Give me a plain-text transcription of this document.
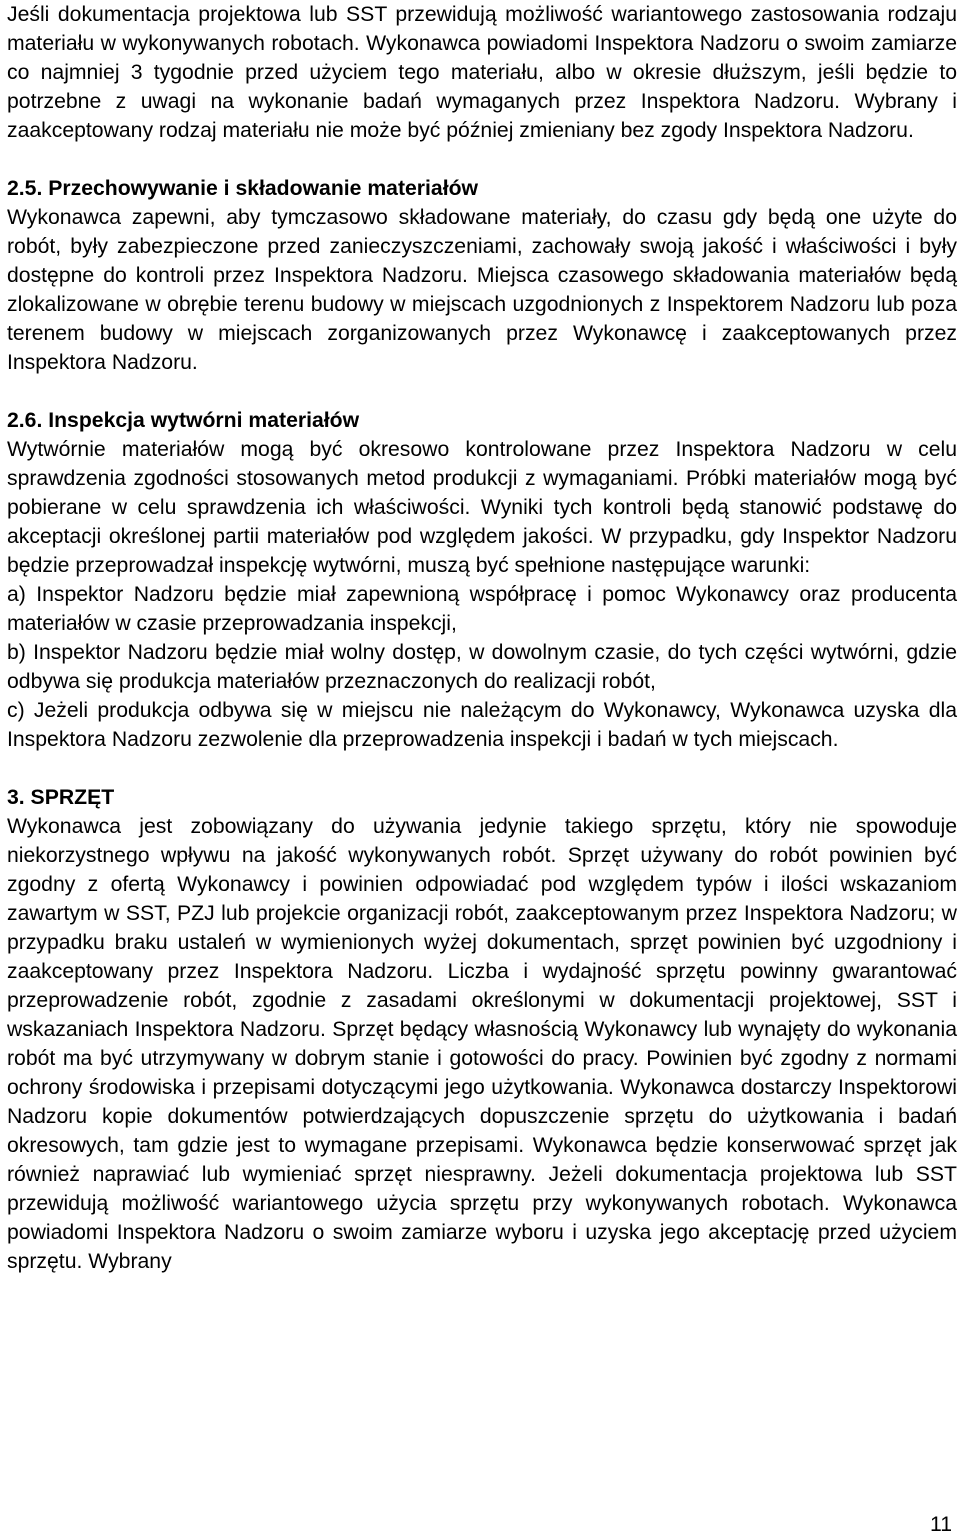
Jeśli dokumentacja projektowa lub SST przewidują możliwość wariantowego zastosowania rodzaju materiału w wykonywanych robotach. Wykonawca powiadomi Inspektora Nadzoru o swoim zamiarze co najmniej 3 tygodnie przed użyciem tego materiału, albo w okresie dłuższym, jeśli będzie to potrzebne z uwagi na wykonanie badań wymaganych przez Inspektora Nadzoru. Wybrany i zaakceptowany rodzaj materiału nie może być później zmieniany bez zgody Inspektora Nadzoru.

2.5. Przechowywanie i składowanie materiałów

Wykonawca zapewni, aby tymczasowo składowane materiały, do czasu gdy będą one użyte do robót, były zabezpieczone przed zanieczyszczeniami, zachowały swoją jakość i właściwości i były dostępne do kontroli przez Inspektora Nadzoru. Miejsca czasowego składowania materiałów będą zlokalizowane w obrębie terenu budowy w miejscach uzgodnionych z Inspektorem Nadzoru lub poza terenem budowy w miejscach zorganizowanych przez Wykonawcę i zaakceptowanych przez Inspektora Nadzoru.

2.6. Inspekcja wytwórni materiałów

Wytwórnie materiałów mogą być okresowo kontrolowane przez Inspektora Nadzoru w celu sprawdzenia zgodności stosowanych metod produkcji z wymaganiami. Próbki materiałów mogą być pobierane w celu sprawdzenia ich właściwości. Wyniki tych kontroli będą stanowić podstawę do akceptacji określonej partii materiałów pod względem jakości. W przypadku, gdy Inspektor Nadzoru będzie przeprowadzał inspekcję wytwórni, muszą być spełnione następujące warunki:

a) Inspektor Nadzoru będzie miał zapewnioną współpracę i pomoc Wykonawcy oraz producenta materiałów w czasie przeprowadzania inspekcji,

b) Inspektor Nadzoru będzie miał wolny dostęp, w dowolnym czasie, do tych części wytwórni, gdzie odbywa się produkcja materiałów przeznaczonych do realizacji robót,

c) Jeżeli produkcja odbywa się w miejscu nie należącym do Wykonawcy, Wykonawca uzyska dla Inspektora Nadzoru zezwolenie dla przeprowadzenia inspekcji i badań w tych miejscach.

3. SPRZĘT

Wykonawca jest zobowiązany do używania jedynie takiego sprzętu, który nie spowoduje niekorzystnego wpływu na jakość wykonywanych robót. Sprzęt używany do robót powinien być zgodny z ofertą Wykonawcy i powinien odpowiadać pod względem typów i ilości wskazaniom zawartym w SST, PZJ lub projekcie organizacji robót, zaakceptowanym przez Inspektora Nadzoru; w przypadku braku ustaleń w wymienionych wyżej dokumentach, sprzęt powinien być uzgodniony i zaakceptowany przez Inspektora Nadzoru. Liczba i wydajność sprzętu powinny gwarantować przeprowadzenie robót, zgodnie z zasadami określonymi w dokumentacji projektowej, SST i wskazaniach Inspektora Nadzoru. Sprzęt będący własnością Wykonawcy lub wynajęty do wykonania robót ma być utrzymywany w dobrym stanie i gotowości do pracy. Powinien być zgodny z normami ochrony środowiska i przepisami dotyczącymi jego użytkowania. Wykonawca dostarczy Inspektorowi Nadzoru kopie dokumentów potwierdzających dopuszczenie sprzętu do użytkowania i badań okresowych, tam gdzie jest to wymagane przepisami. Wykonawca będzie konserwować sprzęt jak również naprawiać lub wymieniać sprzęt niesprawny. Jeżeli dokumentacja projektowa lub SST przewidują możliwość wariantowego użycia sprzętu przy wykonywanych robotach. Wykonawca powiadomi Inspektora Nadzoru o swoim zamiarze wyboru i uzyska jego akceptację przed użyciem sprzętu. Wybrany

11
